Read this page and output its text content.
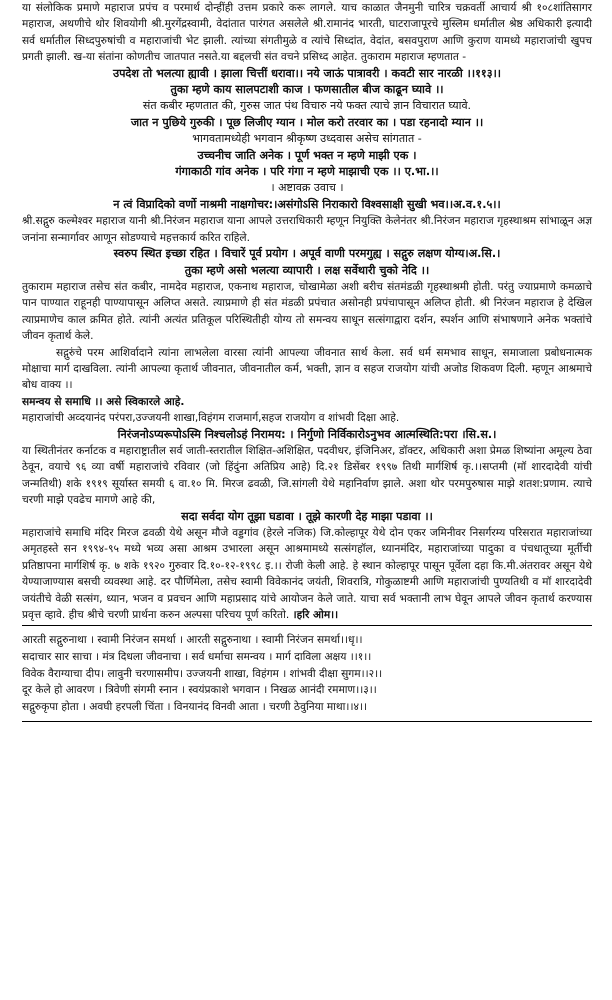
या संलोकिक प्रमाणे महाराज प्रपंच व परमार्थ दोन्हींही उत्तम प्रकारे करू लागले. याच काळात जैनमुनी चारित्र चक्रवर्ती आचार्य श्री १०८शांतिसागर महाराज, अथणीचे थोर शिवयोगी श्री.मुरगेंद्रस्वामी, वेदांतात पारंगत असलेले श्री.रामानंद भारती, घाटराजापूरचे मुस्लिम धर्मातील श्रेष्ठ अधिकारी इत्यादी सर्व धर्मातील सिध्दपुरुषांची व महाराजांची भेट झाली. त्यांच्या संगतीमुळे व त्यांचे सिध्दांत, वेदांत, बसवपुराण आणि कुराण यामध्ये महाराजांची खुपच प्रगती झाली. ख-या संतांना कोणतीच जातपात नसते.या बद्दलची संत वचने प्रसिध्द आहेत. तुकाराम महाराज म्हणतात -

उपदेश तो भलत्या ह्यावी । झाला चित्तीं धरावा।। नये जाऊं पात्रावरी । कवटी सार नारळी ।।११३।।

तुका म्हणे काय सालपटाशी काज । फणसातील बीज काढून घ्यावे ।।

संत कबीर म्हणतात की, गुरुस जात पंथ विचारु नये फक्त त्याचे ज्ञान विचारात घ्यावे.

जात न पुछिये गुरुकी । पूछ लिजीए ग्यान । मोल करो तरवार का । पडा रहनादो म्यान ।।

भागवतामध्येही भगवान श्रीकृष्ण उध्दवास असेच सांगतात -

उच्चनीच जाति अनेक । पूर्ण भक्त न म्हणे माझी एक ।

गंगाकाठी गांव अनेक । परि गंगा न म्हणे माझाची एक ।। ए.भा.।।

। अष्टावक्र उवाच ।

न त्वं विप्रादिको वर्णो नाश्रमी नाक्षगोचर:।असंगोऽसि निराकारो विश्वसाक्षी सुखी भव।।अ.व.१.५।।

श्री.सद्गुरु कल्मेश्वर महाराज यानी श्री.निरंजन महाराज याना आपले उत्तराधिकारी म्हणून नियुक्ति केलेनंतर श्री.निरंजन महाराज गृहस्थाश्रम सांभाळून अज्ञ जनांना सन्मार्गावर आणून सोडण्याचे महत्तकार्य करित राहिले.

स्वरुप स्थित इच्छा रहित । विचारें पूर्व प्रयोग । अपूर्व वाणी परमगुह्य । सद्गुरु लक्षण योग्य।अ.सि.।

तुका म्हणे असो भलत्या व्यापारी । लक्ष सर्वेथारी चुको नेदि ।।

तुकाराम महाराज तसेच संत कबीर, नामदेव महाराज, एकनाथ महाराज, चोखामेळा अशी बरीच संतमंडळी गृहस्थाश्रमी होती. परंतु ज्याप्रमाणे कमळाचे पान पाण्यात राहूनही पाण्यापासून अलिप्त असते. त्याप्रमाणे ही संत मंडळी प्रपंचात असोनही प्रपंचापासून अलिप्त होती. श्री निरंजन महाराज हे देखिल त्याप्रमाणेच काल क्रमित होते. त्यांनी अत्यंत प्रतिकूल परिस्थितीही योग्य तो समन्वय साधून सत्संगाद्वारा दर्शन, स्पर्शन आणि संभाषणाने अनेक भक्तांचे जीवन कृतार्थ केले.

सद्गुरुंचे परम आशिर्वादाने त्यांना लाभलेला वारसा त्यांनी आपल्या जीवनात सार्थ केला. सर्व धर्म समभाव साधून, समाजाला प्रबोधनात्मक मोक्षाचा मार्ग दाखविला. त्यांनी आपल्या कृतार्थ जीवनात, जीवनातील कर्म, भक्ती, ज्ञान व सहज राजयोग यांची अजोड शिकवण दिली. म्हणून आश्रमाचे बोध वाक्य ।।

समन्वय से समाधि ।। असे स्विकारले आहे.

महाराजांची अव्दयानंद परंपरा,उज्जयनी शाखा,विहंगम राजमार्ग,सहज राजयोग व शांभवी दिक्षा आहे.

निरंजनोऽप्यरूपोऽस्मि निश्चलोऽहं निरामय: । निर्गुणो निर्विकारोऽनुभव आत्मस्थिति:परा ।सि.स.।

या स्थितीनंतर कर्नाटक व महाराष्ट्रातील सर्व जाती-स्तरातील शिक्षित-अशिक्षित, पदवीधर, इंजिनिअर, डॉक्टर, अधिकारी अशा प्रेमळ शिष्यांना अमूल्य ठेवा ठेवून, वयाचे ९६ व्या वर्षी महाराजांचे रविवार (जो हिंदुंना अतिप्रिय आहे) दि.२१ डिसेंबर १९९७ तिथी मार्गशिर्ष कृ.।।सप्तमी (मॉ शारदादेवी यांची जन्मतिथी) शके १९१९ सूर्यास्त समयी ६ वा.१० मि. मिरज ढवळी, जि.सांगली येथे महानिर्वाण झाले. अशा थोर परमपुरुषास माझे शतश:प्रणाम. त्याचे चरणी माझे एवढेच मागणे आहे की,

सदा सर्वदा योग तूझा घडावा । तूझे कारणी देह माझा पडावा ।।

महाराजांचे समाधि मंदिर मिरज ढवळी येथे असून मौजे वड्डगांव (हेरले नजिक) जि.कोल्हापूर येथे दोन एकर जमिनीवर निसर्गरम्य परिसरात महाराजांच्या अमृतहस्ते सन १९९४-९५ मध्ये भव्य असा आश्रम उभारला असून आश्रमामध्ये सत्संगहॉल, ध्यानमंदिर, महाराजांच्या पादुका व पंचधातूच्या मूर्तीची प्रतिष्ठापना मार्गशिर्ष कृ. ७ शके १९२० गुरुवार दि.१०-१२-१९९८ इ.।। रोजी केली आहे. हे स्थान कोल्हापूर पासून पूर्वेला दहा कि.मी.अंतरावर असून येथे येण्याजाण्यास बसची व्यवस्था आहे. दर पौर्णिमेला, तसेच स्वामी विवेकानंद जयंती, शिवरात्रि, गोकुळाष्टमी आणि महाराजांची पुण्यतिथी व मॉ शारदादेवी जयंतीचे वेळी सत्संग, ध्यान, भजन व प्रवचन आणि महाप्रसाद यांचे आयोजन केले जाते. याचा सर्व भक्तानी लाभ घेवून आपले जीवन कृतार्थ करण्यास प्रवृत्त व्हावे. हीच श्रीचे चरणी प्रार्थना करुन अल्पसा परिचय पूर्ण करितो. ।हरि ओम।।

आरती सद्गुरुनाथा । स्वामी निरंजन समर्था । आरती सद्गुरुनाथा । स्वामी निरंजन समर्था।।धृ।।
सदाचार सार साचा । मंत्र दिधला जीवनाचा । सर्व धर्माचा समन्वय । मार्ग दाविला अक्षय ।।१।।
विवेक वैराग्याचा दीप। लावुनी चरणासमीप। उज्जयनी शाखा, विहंगम । शांभवी दीक्षा सुगम।।२।।
दूर केले हो आवरण । त्रिवेणी संगमी स्नान । स्वयंप्रकाशे भगवान । निखळ आनंदी रममाण।।३।।
सद्गुरुकृपा होता । अवघी हरपली चिंता । विनयानंद विनवी आता । चरणी ठेवुनिया माथा।।४।।
